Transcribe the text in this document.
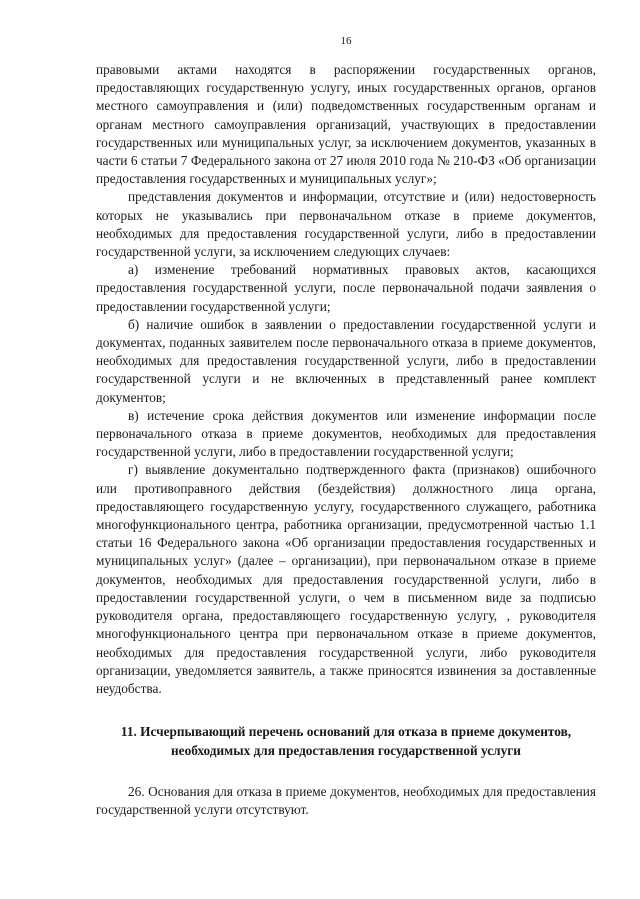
16

правовыми актами находятся в распоряжении государственных органов, предоставляющих государственную услугу, иных государственных органов, органов местного самоуправления и (или) подведомственных государственным органам и органам местного самоуправления организаций, участвующих в предоставлении государственных или муниципальных услуг, за исключением документов, указанных в части 6 статьи 7 Федерального закона от 27 июля 2010 года № 210-ФЗ «Об организации предоставления государственных и муниципальных услуг»;

представления документов и информации, отсутствие и (или) недостоверность которых не указывались при первоначальном отказе в приеме документов, необходимых для предоставления государственной услуги, либо в предоставлении государственной услуги, за исключением следующих случаев:

а) изменение требований нормативных правовых актов, касающихся предоставления государственной услуги, после первоначальной подачи заявления о предоставлении государственной услуги;

б) наличие ошибок в заявлении о предоставлении государственной услуги и документах, поданных заявителем после первоначального отказа в приеме документов, необходимых для предоставления государственной услуги, либо в предоставлении государственной услуги и не включенных в представленный ранее комплект документов;

в) истечение срока действия документов или изменение информации после первоначального отказа в приеме документов, необходимых для предоставления государственной услуги, либо в предоставлении государственной услуги;

г) выявление документально подтвержденного факта (признаков) ошибочного или противоправного действия (бездействия) должностного лица органа, предоставляющего государственную услугу, государственного служащего, работника многофункционального центра, работника организации, предусмотренной частью 1.1 статьи 16 Федерального закона «Об организации предоставления государственных и муниципальных услуг» (далее – организации), при первоначальном отказе в приеме документов, необходимых для предоставления государственной услуги, либо в предоставлении государственной услуги, о чем в письменном виде за подписью руководителя органа, предоставляющего государственную услугу, , руководителя многофункционального центра при первоначальном отказе в приеме документов, необходимых для предоставления государственной услуги, либо руководителя организации, уведомляется заявитель, а также приносятся извинения за доставленные неудобства.

11. Исчерпывающий перечень оснований для отказа в приеме документов, необходимых для предоставления государственной услуги

26. Основания для отказа в приеме документов, необходимых для предоставления государственной услуги отсутствуют.
